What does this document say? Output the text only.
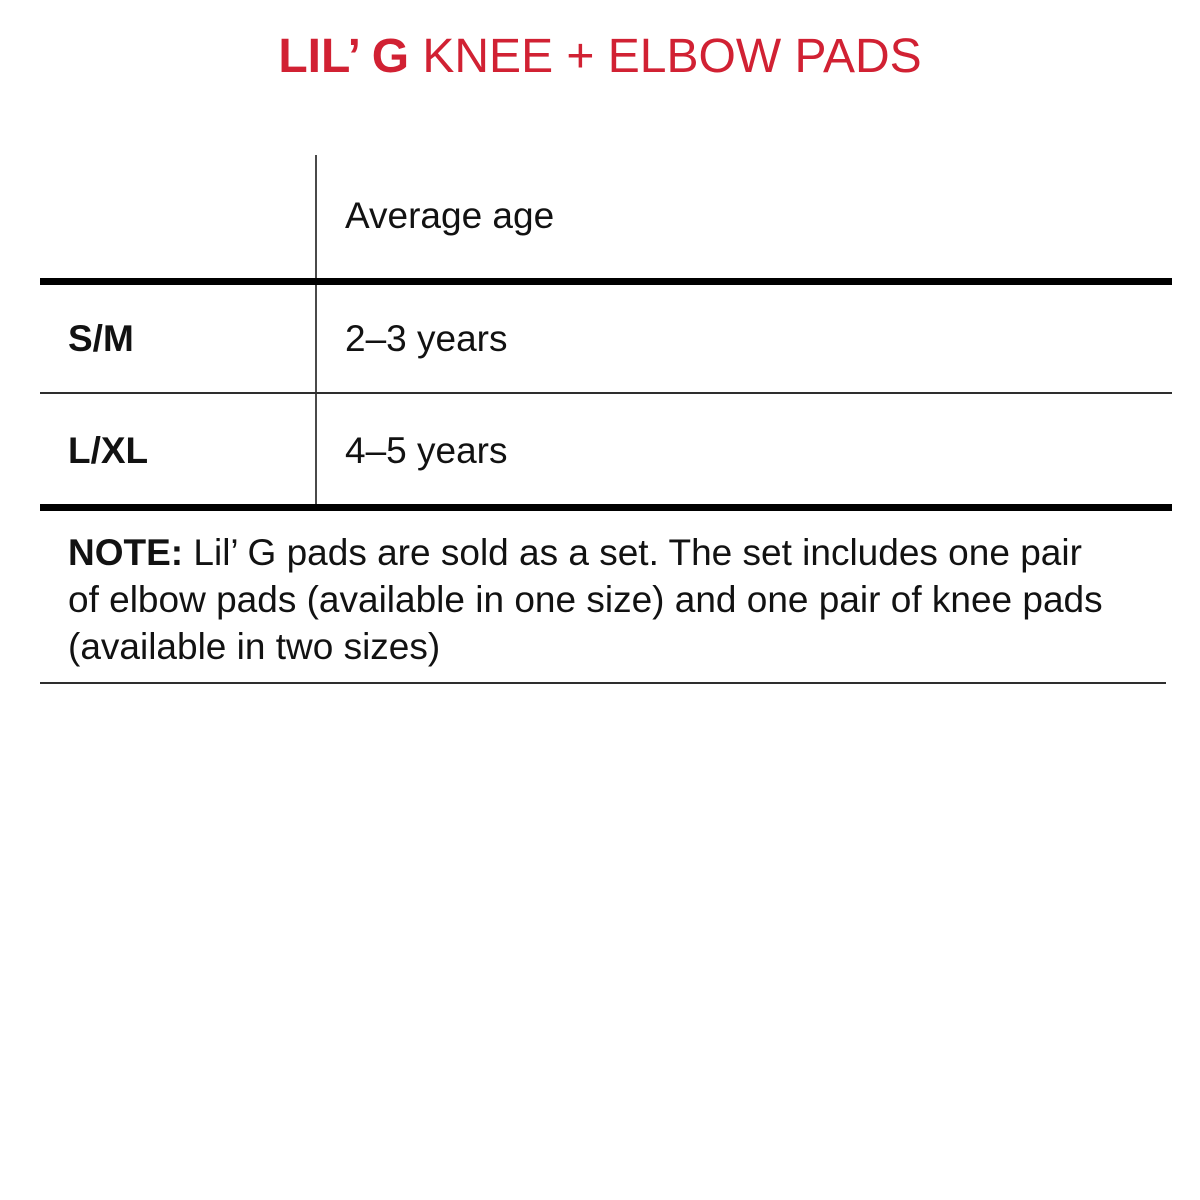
LIL’ G KNEE + ELBOW PADS
Average age
S/M	2–3 years
L/XL	4–5 years
NOTE: Lil’ G pads are sold as a set. The set includes one pair
of elbow pads (available in one size) and one pair of knee pads
(available in two sizes)
